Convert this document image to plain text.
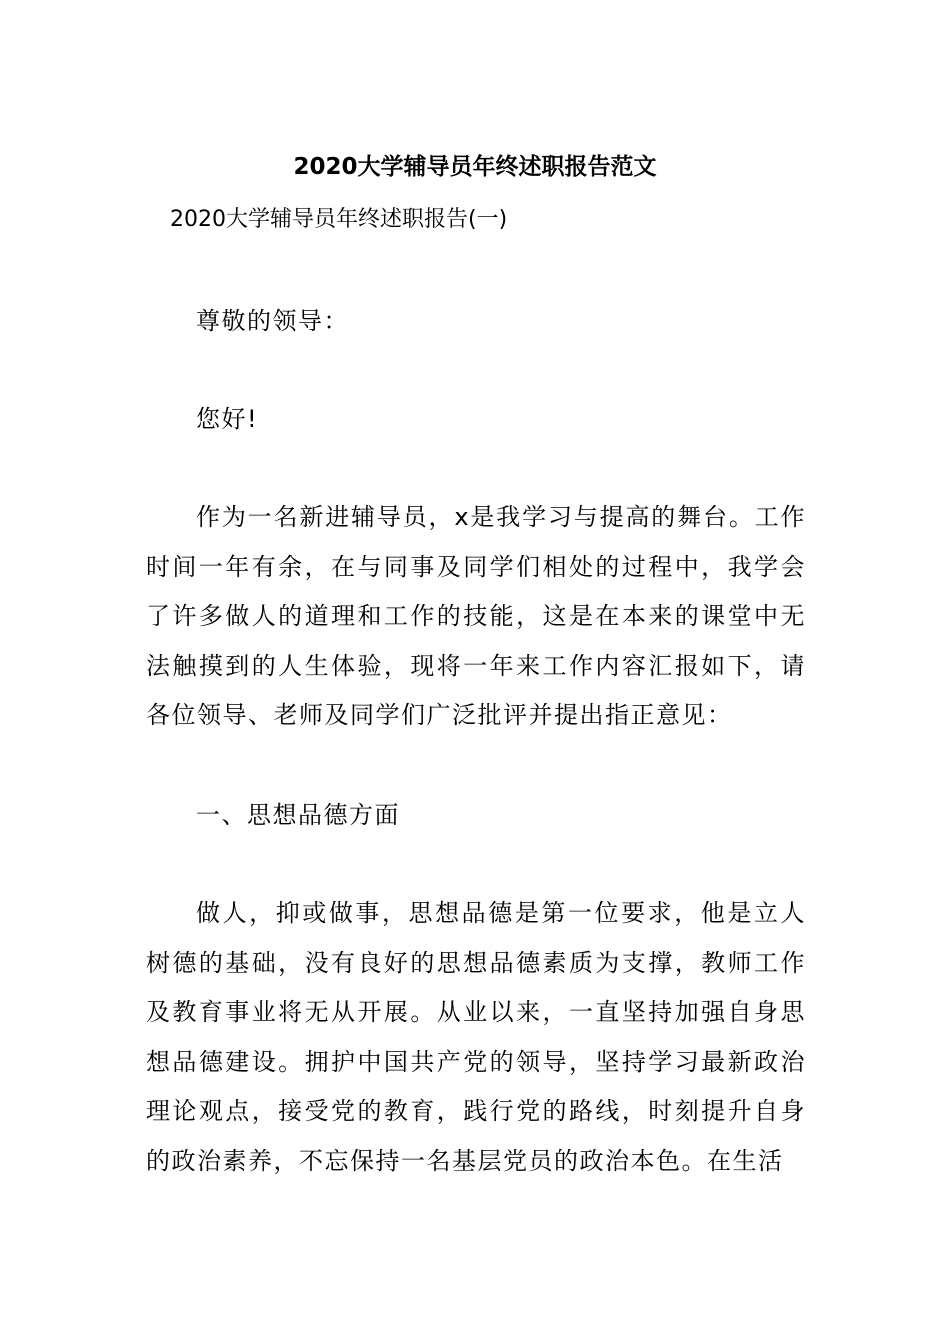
2020大学辅导员年终述职报告范文
2020大学辅导员年终述职报告(一)

尊敬的领导：

您好!

作为一名新进辅导员，x是我学习与提高的舞台。工作时间一年有余，在与同事及同学们相处的过程中，我学会了许多做人的道理和工作的技能，这是在本来的课堂中无法触摸到的人生体验，现将一年来工作内容汇报如下，请各位领导、老师及同学们广泛批评并提出指正意见：

一、思想品德方面

做人，抑或做事，思想品德是第一位要求，他是立人树德的基础，没有良好的思想品德素质为支撑，教师工作及教育事业将无从开展。从业以来，一直坚持加强自身思想品德建设。拥护中国共产党的领导，坚持学习最新政治理论观点，接受党的教育，践行党的路线，时刻提升自身的政治素养，不忘保持一名基层党员的政治本色。在生活
